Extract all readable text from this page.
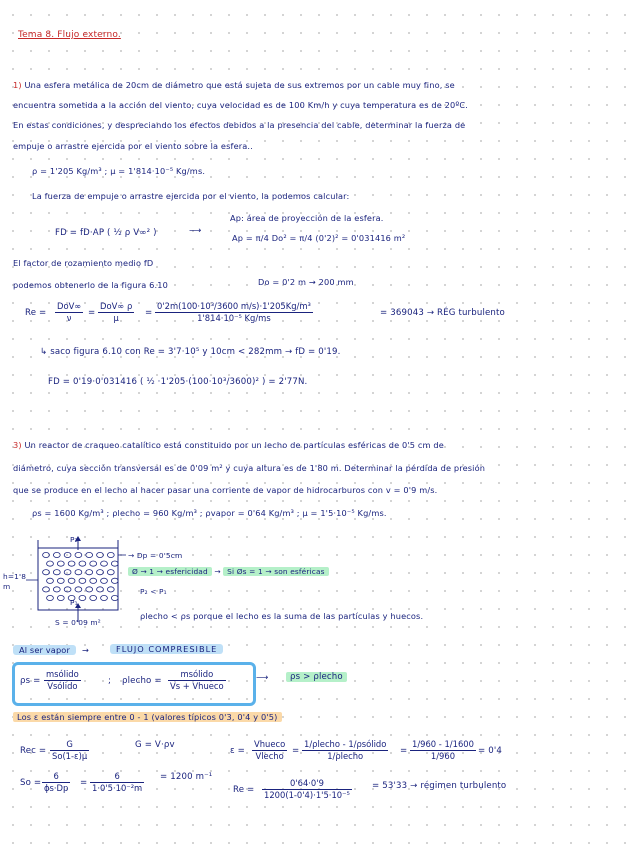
Tema 8. Flujo externo.
1) Una esfera metálica de 20cm de diámetro que está sujeta de sus extremos por un cable muy fino, se
encuentra sometida a la acción del viento, cuya velocidad es de 100 Km/h y cuya temperatura es de 20ºC.
En estas condiciones, y despreciando los efectos debidos a la presencia del cable, determinar la fuerza de
empuje o arrastre ejercida por el viento sobre la esfera..
ρ = 1'205 Kg/m³ ; μ = 1'814·10⁻⁵ Kg/ms.
La fuerza de empuje o arrastre ejercida por el viento, la podemos calcular:
FD = fD·AP ( ½ ρ V∞² )	⟶
Ap: área de proyección de la esfera.
Ap = π/4 Do² = π/4 (0'2)² = 0'031416 m²
El factor de rozamiento medio fD
podemos obtenerlo de la figura 6.10	Do = 0'2 m → 200 mm
Re =
DoV∞
ν	=
DoV∞ ρ
μ	= $\frac{\text{0'2m(100·10³/3600 m/s)·1'205Kg/m³}}{\text{1'814·10⁻⁵ Kg/ms}}$	= 369043 → RÉG turbulento
↳ saco figura 6.10 con Re = 3'7·10⁵ y 10cm < 282mm → fD = 0'19.
FD = 0'19·0'031416 ( ½ ·1'205·(100·10³/3600)² ) = 2'77N.
3) Un reactor de craqueo catalítico está constituido por un lecho de partículas esféricas de 0'5 cm de
diámetro, cuya sección transversal es de 0'09 m² y cuya altura es de 1'80 m. Determinar la pérdida de presión
que se produce en el lecho al hacer pasar una corriente de vapor de hidrocarburos con v = 0'9 m/s.
ρs = 1600 Kg/m³ ; ρlecho = 960 Kg/m³ ; ρvapor = 0'64 Kg/m³ ; μ = 1'5·10⁻⁵ Kg/ms.
P₂
P₁
h=1'8 m
S = 0'09 m²
→ Dp = 0'5cm
Ø → 1 → esfericidad → Si Øs = 1 → son esféricas
P₂ < P₁
ρlecho < ρs porque el lecho es la suma de las partículas y huecos.
Al ser vapor	→	FLUJO COMPRESIBLE
ρs =
msólido
Vsólido	; ρlecho =
msólido
Vs + Vhueco
⟶	ρs > ρlecho
Los ε están siempre entre 0 - 1 (valores típicos 0'3, 0'4 y 0'5)
Rec = $\frac{G}{So(1-\varepsilon)\mu}$	G = V·ρv
$So = \frac{6}{\phi s\cdot Dp} = \frac{6}{\text{1·0'5·10⁻²m}} = 1200$ m⁻¹
ε =
Vhueco
Vlecho =
1/ρlecho - 1/ρsólido
1/ρlecho	= $\frac{1/960 - 1/1600}{1/960} = 0'4$
$Re = \frac{0'64\cdot 0'9}{\text{1200(1-0'4)·1'5·10⁻⁵}} = 53'33$ → régimen turbulento
